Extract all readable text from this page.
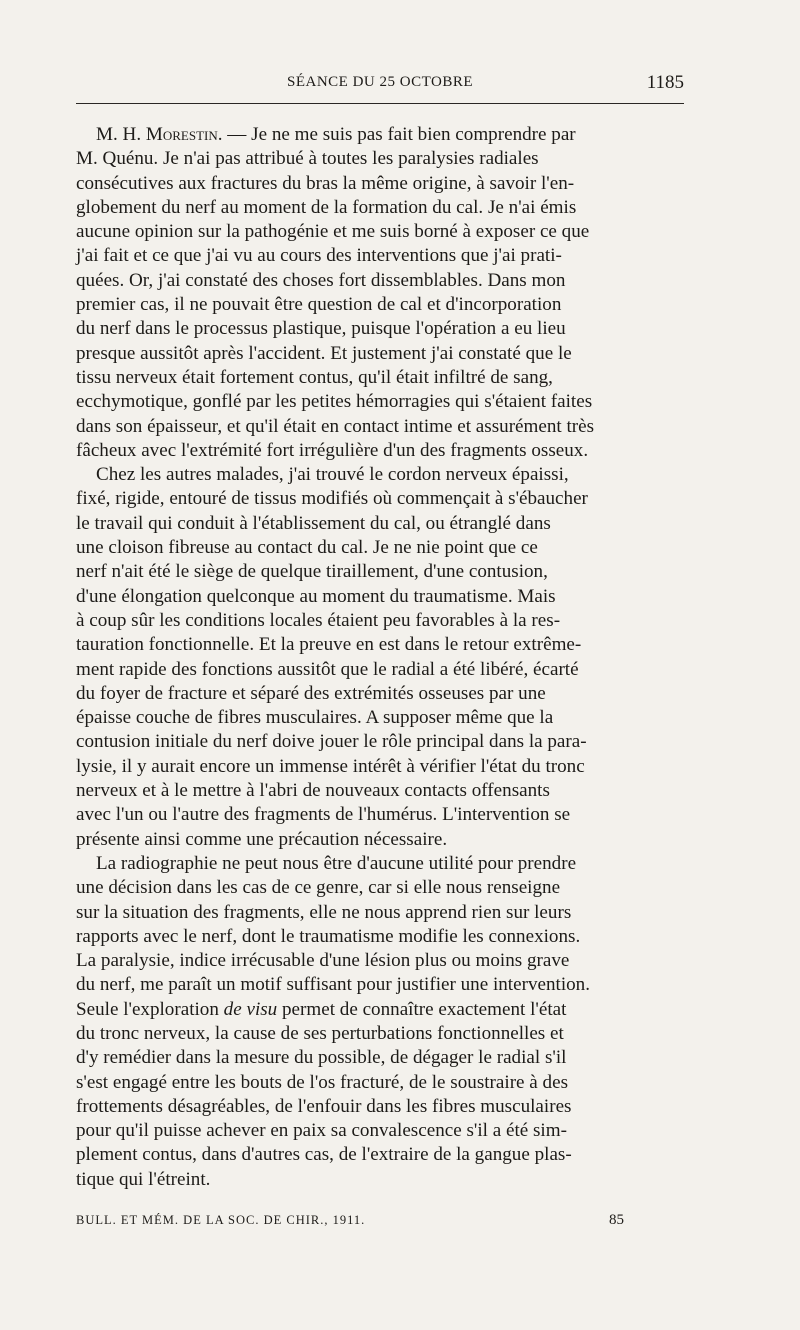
SÉANCE DU 25 OCTOBRE	1185
M. H. Morestin. — Je ne me suis pas fait bien comprendre par
M. Quénu. Je n'ai pas attribué à toutes les paralysies radiales
consécutives aux fractures du bras la même origine, à savoir l'en-
globement du nerf au moment de la formation du cal. Je n'ai émis
aucune opinion sur la pathogénie et me suis borné à exposer ce que
j'ai fait et ce que j'ai vu au cours des interventions que j'ai prati-
quées. Or, j'ai constaté des choses fort dissemblables. Dans mon
premier cas, il ne pouvait être question de cal et d'incorporation
du nerf dans le processus plastique, puisque l'opération a eu lieu
presque aussitôt après l'accident. Et justement j'ai constaté que le
tissu nerveux était fortement contus, qu'il était infiltré de sang,
ecchymotique, gonflé par les petites hémorragies qui s'étaient faites
dans son épaisseur, et qu'il était en contact intime et assurément très
fâcheux avec l'extrémité fort irrégulière d'un des fragments osseux.
Chez les autres malades, j'ai trouvé le cordon nerveux épaissi,
fixé, rigide, entouré de tissus modifiés où commençait à s'ébaucher
le travail qui conduit à l'établissement du cal, ou étranglé dans
une cloison fibreuse au contact du cal. Je ne nie point que ce
nerf n'ait été le siège de quelque tiraillement, d'une contusion,
d'une élongation quelconque au moment du traumatisme. Mais
à coup sûr les conditions locales étaient peu favorables à la res-
tauration fonctionnelle. Et la preuve en est dans le retour extrême-
ment rapide des fonctions aussitôt que le radial a été libéré, écarté
du foyer de fracture et séparé des extrémités osseuses par une
épaisse couche de fibres musculaires. A supposer même que la
contusion initiale du nerf doive jouer le rôle principal dans la para-
lysie, il y aurait encore un immense intérêt à vérifier l'état du tronc
nerveux et à le mettre à l'abri de nouveaux contacts offensants
avec l'un ou l'autre des fragments de l'humérus. L'intervention se
présente ainsi comme une précaution nécessaire.
La radiographie ne peut nous être d'aucune utilité pour prendre
une décision dans les cas de ce genre, car si elle nous renseigne
sur la situation des fragments, elle ne nous apprend rien sur leurs
rapports avec le nerf, dont le traumatisme modifie les connexions.
La paralysie, indice irrécusable d'une lésion plus ou moins grave
du nerf, me paraît un motif suffisant pour justifier une intervention.
Seule l'exploration de visu permet de connaître exactement l'état
du tronc nerveux, la cause de ses perturbations fonctionnelles et
d'y remédier dans la mesure du possible, de dégager le radial s'il
s'est engagé entre les bouts de l'os fracturé, de le soustraire à des
frottements désagréables, de l'enfouir dans les fibres musculaires
pour qu'il puisse achever en paix sa convalescence s'il a été sim-
plement contus, dans d'autres cas, de l'extraire de la gangue plas-
tique qui l'étreint.
BULL. ET MÉM. DE LA SOC. DE CHIR., 1911.	85
